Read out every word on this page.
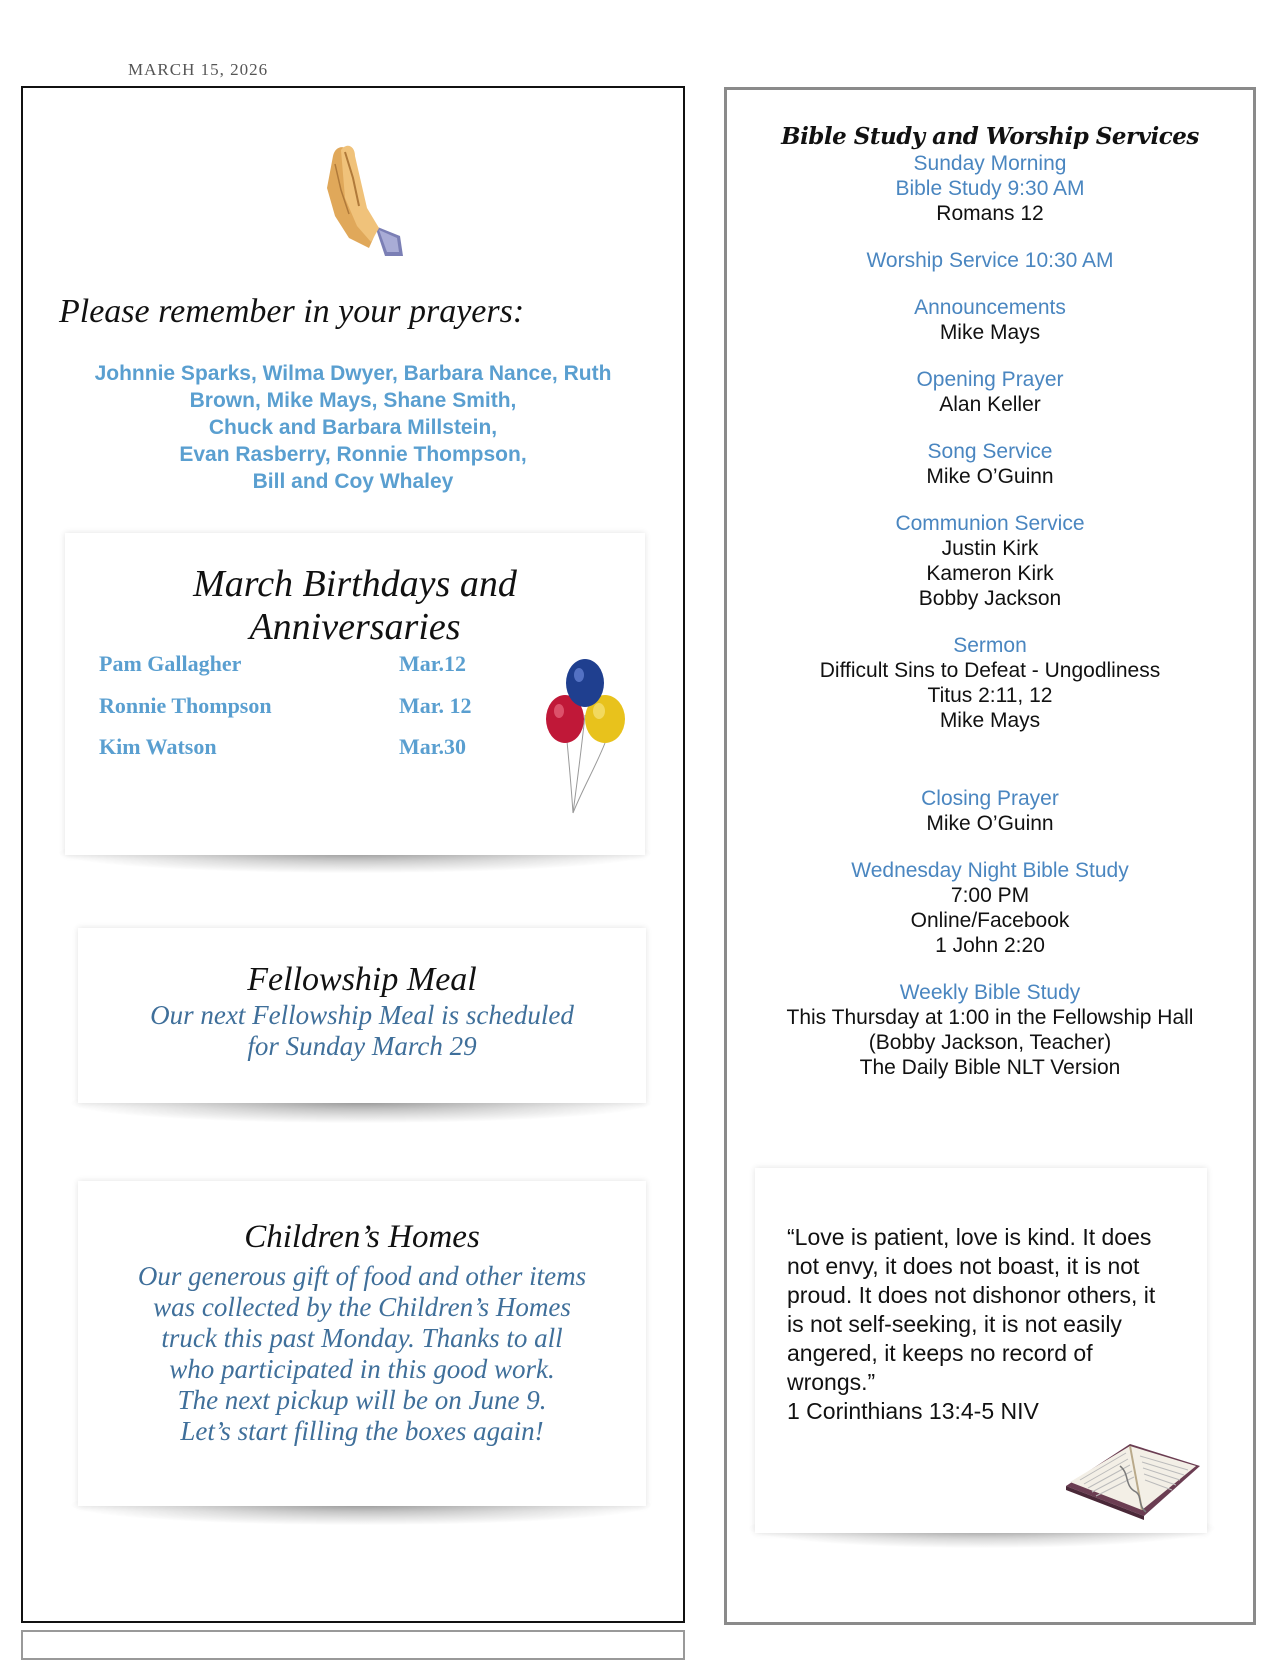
MARCH 15, 2026
Please remember in your prayers:
Johnnie Sparks, Wilma Dwyer, Barbara Nance, Ruth
Brown, Mike Mays, Shane Smith,
Chuck and Barbara Millstein,
Evan Rasberry, Ronnie Thompson,
Bill and Coy Whaley
March Birthdays and
Anniversaries
Pam Gallagher	Mar.12
Ronnie Thompson	Mar. 12
Kim Watson	Mar.30
Fellowship Meal
Our next Fellowship Meal is scheduled
for Sunday March 29
Children’s Homes
Our generous gift of food and other items
was collected by the Children’s Homes
truck this past Monday. Thanks to all
who participated in this good work.
The next pickup will be on June 9.
Let’s start filling the boxes again!
Bible Study and Worship Services
Sunday Morning
Bible Study 9:30 AM
Romans 12
Worship Service 10:30 AM
Announcements
Mike Mays
Opening Prayer
Alan Keller
Song Service
Mike O’Guinn
Communion Service
Justin Kirk
Kameron Kirk
Bobby Jackson
Sermon
Difficult Sins to Defeat - Ungodliness
Titus 2:11, 12
Mike Mays
Closing Prayer
Mike O’Guinn
Wednesday Night Bible Study
7:00 PM
Online/Facebook
1 John 2:20
Weekly Bible Study
This Thursday at 1:00 in the Fellowship Hall
(Bobby Jackson, Teacher)
The Daily Bible NLT Version
“Love is patient, love is kind. It does
not envy, it does not boast, it is not
proud. It does not dishonor others, it
is not self-seeking, it is not easily
angered, it keeps no record of
wrongs.”
1 Corinthians 13:4-5 NIV
